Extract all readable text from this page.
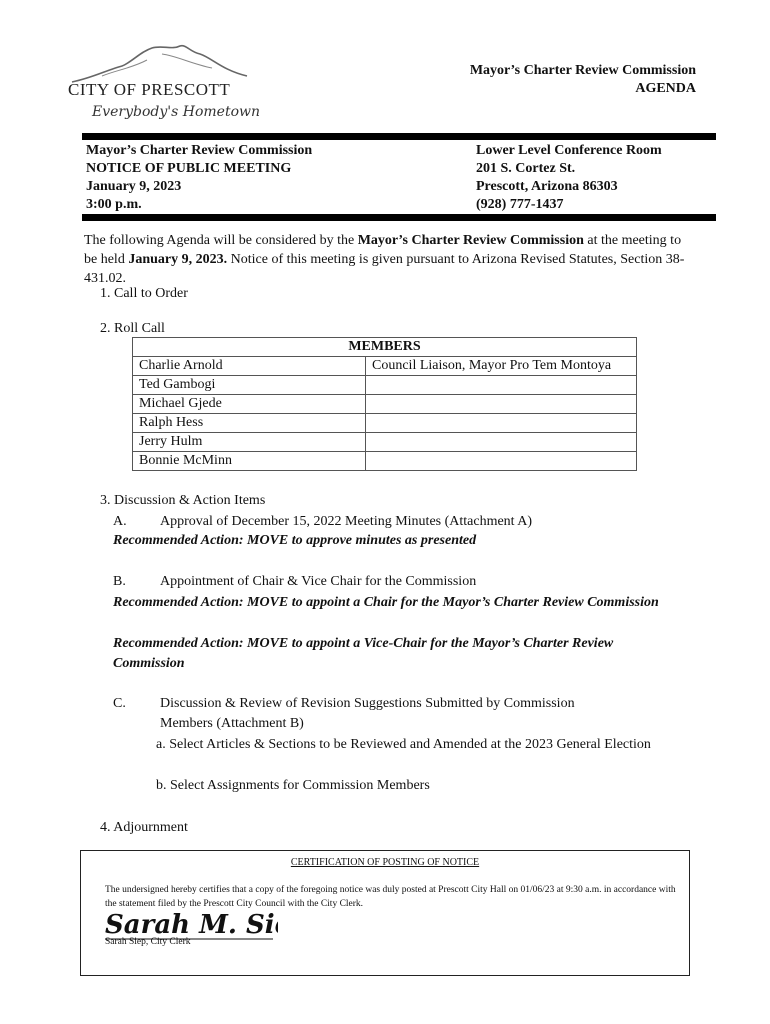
CITY OF PRESCOTT
Everybody's Hometown
Mayor’s Charter Review Commission
AGENDA
Mayor’s Charter Review Commission
NOTICE OF PUBLIC MEETING
January 9, 2023
3:00 p.m.
Lower Level Conference Room
201 S. Cortez St.
Prescott, Arizona 86303
(928) 777-1437
The following Agenda will be considered by the Mayor’s Charter Review Commission at the meeting to be held January 9, 2023. Notice of this meeting is given pursuant to Arizona Revised Statutes, Section 38-431.02.
1. Call to Order
2. Roll Call
MEMBERS	
Charlie Arnold	Council Liaison, Mayor Pro Tem Montoya
Ted Gambogi	
Michael Gjede	
Ralph Hess	
Jerry Hulm	
Bonnie McMinn	
3. Discussion & Action Items
A. Approval of December 15, 2022 Meeting Minutes (Attachment A)
Recommended Action: MOVE to approve minutes as presented
B. Appointment of Chair & Vice Chair for the Commission
Recommended Action: MOVE to appoint a Chair for the Mayor’s Charter Review Commission
Recommended Action: MOVE to appoint a Vice-Chair for the Mayor’s Charter Review Commission
C. Discussion & Review of Revision Suggestions Submitted by Commission Members (Attachment B)
a. Select Articles & Sections to be Reviewed and Amended at the 2023 General Election
b. Select Assignments for Commission Members
4. Adjournment
CERTIFICATION OF POSTING OF NOTICE
The undersigned hereby certifies that a copy of the foregoing notice was duly posted at Prescott City Hall on 01/06/23 at 9:30 a.m. in accordance with the statement filed by the Prescott City Council with the City Clerk.
Sarah M. Si
Sarah Siep, City Clerk
